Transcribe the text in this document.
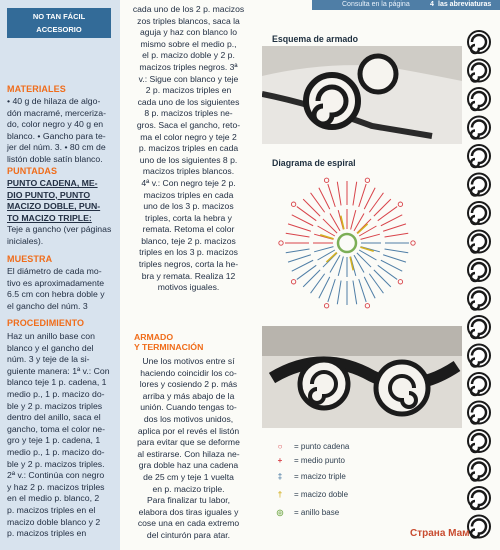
Consulta en la página	4 las abreviaturas
NO TAN FÁCIL
ACCESORIO
MATERIALES
• 40 g de hilaza de algo-
dón macramé, merceriza-
do, color negro y 40 g en
blanco. • Gancho para te-
jer del núm. 3. • 80 cm de
listón doble satín blanco.
PUNTADAS
PUNTO CADENA, ME-
DIO PUNTO, PUNTO
MACIZO DOBLE, PUN-
TO MACIZO TRIPLE:
Teje a gancho (ver páginas
iniciales).
MUESTRA
El diámetro de cada mo-
tivo es aproximadamente
6.5 cm con hebra doble y
el gancho del núm. 3
PROCEDIMIENTO
Haz un anillo base con
blanco y el gancho del
núm. 3 y teje de la si-
guiente manera: 1ª v.: Con
blanco teje 1 p. cadena, 1
medio p., 1 p. macizo do-
ble y 2 p. macizos triples
dentro del anillo, saca el
gancho, toma el color ne-
gro y teje 1 p. cadena, 1
medio p., 1 p. macizo do-
ble y 2 p. macizos triples.
2ª v.: Continúa con negro
y haz 2 p. macizos triples
en el medio p. blanco, 2
p. macizos triples en el
macizo doble blanco y 2
p. macizos triples en
cada uno de los 2 p. macizos
zos triples blancos, saca la
aguja y haz con blanco lo
mismo sobre el medio p.,
el p. macizo doble y 2 p.
macizos triples negros. 3ª
v.: Sigue con blanco y teje
2 p. macizos triples en
cada uno de los siguientes
8 p. macizos triples ne-
gros. Saca el gancho, reto-
ma el color negro y teje 2
p. macizos triples en cada
uno de los siguientes 8 p.
macizos triples blancos.
4ª v.: Con negro teje 2 p.
macizos triples en cada
uno de los 3 p. macizos
triples, corta la hebra y
remata. Retoma el color
blanco, teje 2 p. macizos
triples en los 3 p. macizos
triples negros, corta la he-
bra y remata. Realiza 12
motivos iguales.
ARMADO
Y TERMINACIÓN
Une los motivos entre sí
haciendo coincidir los co-
lores y cosiendo 2 p. más
arriba y más abajo de la
unión. Cuando tengas to-
dos los motivos unidos,
aplica por el revés el listón
para evitar que se deforme
al estirarse. Con hilaza ne-
gra doble haz una cadena
de 25 cm y teje 1 vuelta
en p. macizo triple.
Para finalizar tu labor,
elabora dos tiras iguales y
cose una en cada extremo
del cinturón para atar.
Esquema de armado
Diagrama de espiral
○	= punto cadena
+	= medio punto
‡	= macizo triple
†	= macizo doble
◎	= anillo base
Страна Мам
